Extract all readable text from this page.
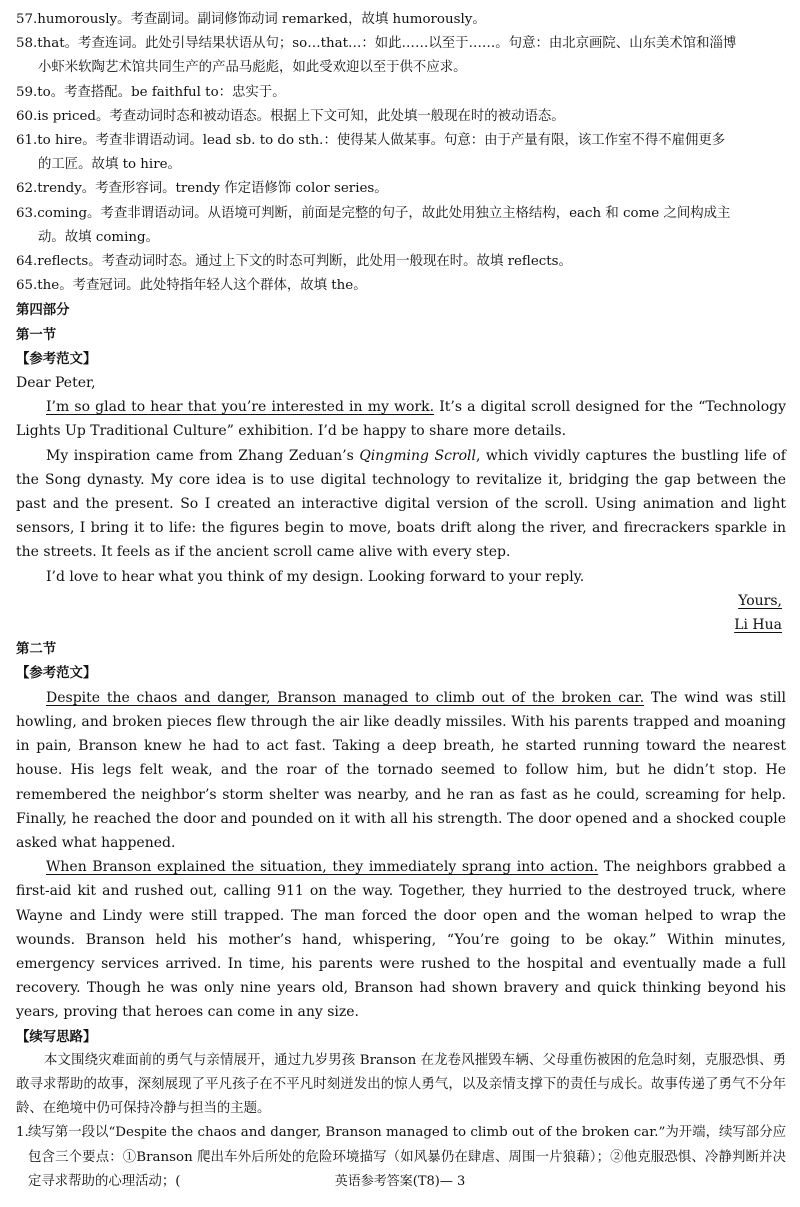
57.humorously。考查副词。副词修饰动词 remarked，故填 humorously。
58.that。考查连词。此处引导结果状语从句；so…that…：如此……以至于……。句意：由北京画院、山东美术馆和淄博
小虾米软陶艺术馆共同生产的产品马彪彪，如此受欢迎以至于供不应求。
59.to。考查搭配。be faithful to：忠实于。
60.is priced。考查动词时态和被动语态。根据上下文可知，此处填一般现在时的被动语态。
61.to hire。考查非谓语动词。lead sb. to do sth.：使得某人做某事。句意：由于产量有限，该工作室不得不雇佣更多
的工匠。故填 to hire。
62.trendy。考查形容词。trendy 作定语修饰 color series。
63.coming。考查非谓语动词。从语境可判断，前面是完整的句子，故此处用独立主格结构，each 和 come 之间构成主
动。故填 coming。
64.reflects。考查动词时态。通过上下文的时态可判断，此处用一般现在时。故填 reflects。
65.the。考查冠词。此处特指年轻人这个群体，故填 the。
第四部分
第一节
【参考范文】
Dear Peter,
I’m so glad to hear that you’re interested in my work. It’s a digital scroll designed for the “Technology Lights Up Traditional Culture” exhibition. I’d be happy to share more details.
My inspiration came from Zhang Zeduan’s Qingming Scroll, which vividly captures the bustling life of the Song dynasty. My core idea is to use digital technology to revitalize it, bridging the gap between the past and the present. So I created an interactive digital version of the scroll. Using animation and light sensors, I bring it to life: the figures begin to move, boats drift along the river, and firecrackers sparkle in the streets. It feels as if the ancient scroll came alive with every step.
I’d love to hear what you think of my design. Looking forward to your reply.
Yours,
Li Hua
第二节
【参考范文】
Despite the chaos and danger, Branson managed to climb out of the broken car. The wind was still howling, and broken pieces flew through the air like deadly missiles. With his parents trapped and moaning in pain, Branson knew he had to act fast. Taking a deep breath, he started running toward the nearest house. His legs felt weak, and the roar of the tornado seemed to follow him, but he didn’t stop. He remembered the neighbor’s storm shelter was nearby, and he ran as fast as he could, screaming for help. Finally, he reached the door and pounded on it with all his strength. The door opened and a shocked couple asked what happened.
When Branson explained the situation, they immediately sprang into action. The neighbors grabbed a first-aid kit and rushed out, calling 911 on the way. Together, they hurried to the destroyed truck, where Wayne and Lindy were still trapped. The man forced the door open and the woman helped to wrap the wounds. Branson held his mother’s hand, whispering, “You’re going to be okay.” Within minutes, emergency services arrived. In time, his parents were rushed to the hospital and eventually made a full recovery. Though he was only nine years old, Branson had shown bravery and quick thinking beyond his years, proving that heroes can come in any size.
【续写思路】
本文围绕灾难面前的勇气与亲情展开，通过九岁男孩 Branson 在龙卷风摧毁车辆、父母重伤被困的危急时刻，克服恐惧、勇敢寻求帮助的故事，深刻展现了平凡孩子在不平凡时刻迸发出的惊人勇气，以及亲情支撑下的责任与成长。故事传递了勇气不分年龄、在绝境中仍可保持冷静与担当的主题。
1. 续写第一段以“Despite the chaos and danger, Branson managed to climb out of the broken car.”为开端，续写部分应包含三个要点：①Branson 爬出车外后所处的危险环境描写（如风暴仍在肆虐、周围一片狼藉）；②他克服恐惧、冷静判断并决定寻求帮助的心理活动；(	英语参考答案(T8)— 3
